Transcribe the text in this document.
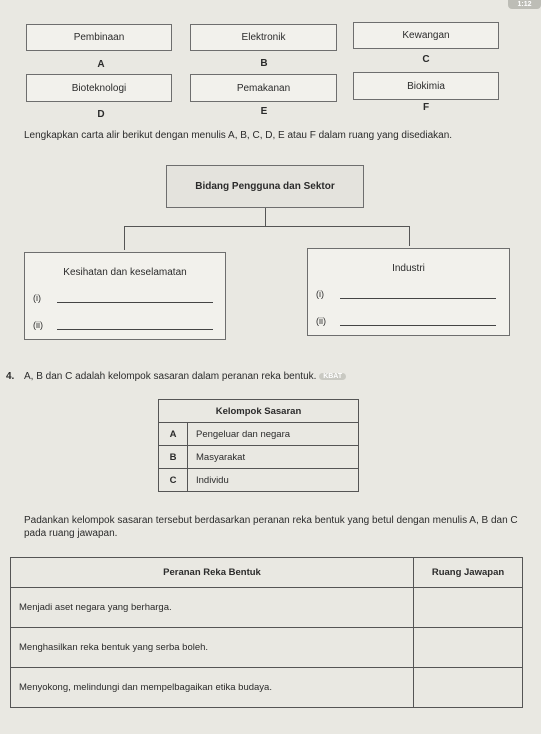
1:12
Pembinaan	Elektronik	Kewangan
A	B	C
Bioteknologi	Pemakanan	Biokimia
D	E	F
Lengkapkan carta alir berikut dengan menulis A, B, C, D, E atau F dalam ruang yang disediakan.
Bidang Pengguna dan Sektor
Kesihatan dan keselamatan
(i)
(ii)
Industri
(i)
(ii)
4. A, B dan C adalah kelompok sasaran dalam peranan reka bentuk. KBAT
Kelompok Sasaran	
A	Pengeluar dan negara
B	Masyarakat
C	Individu
Padankan kelompok sasaran tersebut berdasarkan peranan reka bentuk yang betul dengan menulis A, B dan C pada ruang jawapan.
Peranan Reka Bentuk	Ruang Jawapan
Menjadi aset negara yang berharga.	
Menghasilkan reka bentuk yang serba boleh.	
Menyokong, melindungi dan mempelbagaikan etika budaya.	
